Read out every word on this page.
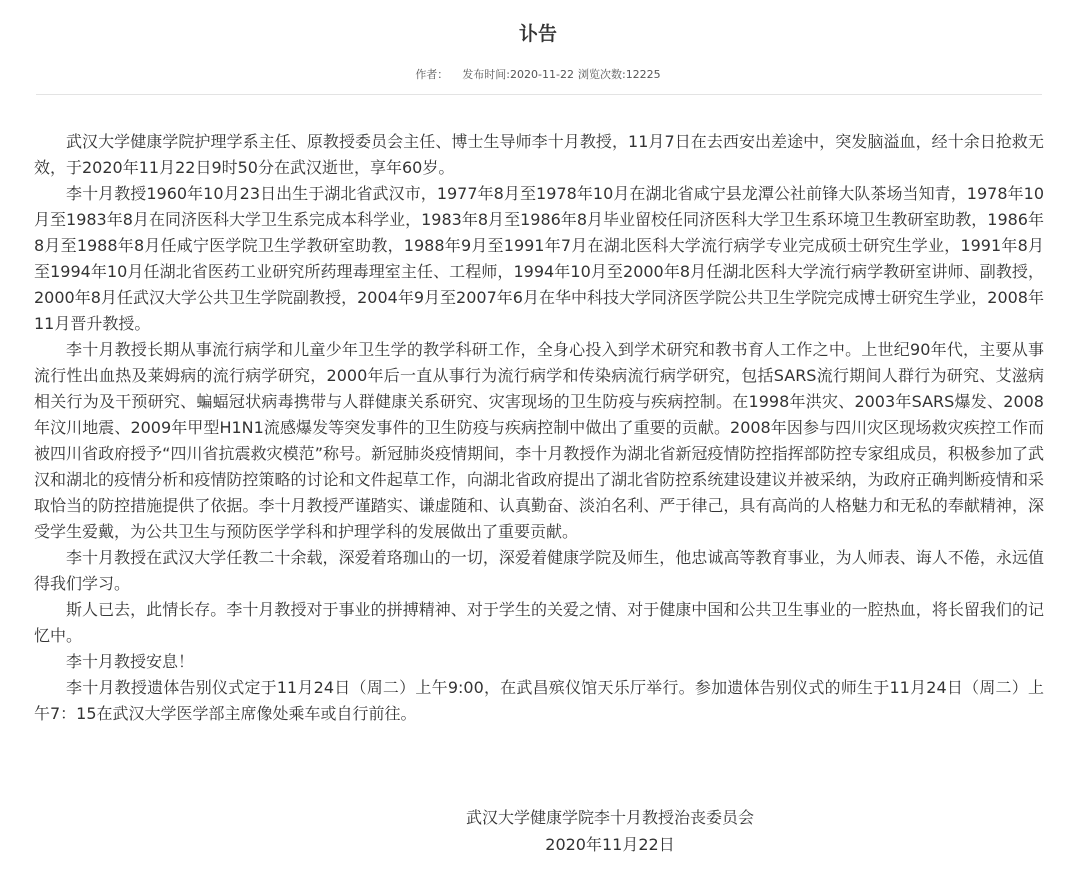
讣告
作者： 发布时间:2020-11-22 浏览次数:12225

武汉大学健康学院护理学系主任、原教授委员会主任、博士生导师李十月教授，11月7日在去西安出差途中，突发脑溢血，经十余日抢救无效，于2020年11月22日9时50分在武汉逝世，享年60岁。

李十月教授1960年10月23日出生于湖北省武汉市，1977年8月至1978年10月在湖北省咸宁县龙潭公社前锋大队茶场当知青，1978年10月至1983年8月在同济医科大学卫生系完成本科学业，1983年8月至1986年8月毕业留校任同济医科大学卫生系环境卫生教研室助教，1986年8月至1988年8月任咸宁医学院卫生学教研室助教，1988年9月至1991年7月在湖北医科大学流行病学专业完成硕士研究生学业，1991年8月至1994年10月任湖北省医药工业研究所药理毒理室主任、工程师，1994年10月至2000年8月任湖北医科大学流行病学教研室讲师、副教授，2000年8月任武汉大学公共卫生学院副教授，2004年9月至2007年6月在华中科技大学同济医学院公共卫生学院完成博士研究生学业，2008年11月晋升教授。

李十月教授长期从事流行病学和儿童少年卫生学的教学科研工作，全身心投入到学术研究和教书育人工作之中。上世纪90年代，主要从事流行性出血热及莱姆病的流行病学研究，2000年后一直从事行为流行病学和传染病流行病学研究，包括SARS流行期间人群行为研究、艾滋病相关行为及干预研究、蝙蝠冠状病毒携带与人群健康关系研究、灾害现场的卫生防疫与疾病控制。在1998年洪灾、2003年SARS爆发、2008年汶川地震、2009年甲型H1N1流感爆发等突发事件的卫生防疫与疾病控制中做出了重要的贡献。2008年因参与四川灾区现场救灾疾控工作而被四川省政府授予“四川省抗震救灾模范”称号。新冠肺炎疫情期间，李十月教授作为湖北省新冠疫情防控指挥部防控专家组成员，积极参加了武汉和湖北的疫情分析和疫情防控策略的讨论和文件起草工作，向湖北省政府提出了湖北省防控系统建设建议并被采纳，为政府正确判断疫情和采取恰当的防控措施提供了依据。李十月教授严谨踏实、谦虚随和、认真勤奋、淡泊名利、严于律己，具有高尚的人格魅力和无私的奉献精神，深受学生爱戴，为公共卫生与预防医学学科和护理学科的发展做出了重要贡献。

李十月教授在武汉大学任教二十余载，深爱着珞珈山的一切，深爱着健康学院及师生，他忠诚高等教育事业，为人师表、诲人不倦，永远值得我们学习。

斯人已去，此情长存。李十月教授对于事业的拼搏精神、对于学生的关爱之情、对于健康中国和公共卫生事业的一腔热血，将长留我们的记忆中。

李十月教授安息！

李十月教授遗体告别仪式定于11月24日（周二）上午9:00，在武昌殡仪馆天乐厅举行。参加遗体告别仪式的师生于11月24日（周二）上午7：15在武汉大学医学部主席像处乘车或自行前往。

武汉大学健康学院李十月教授治丧委员会
2020年11月22日
